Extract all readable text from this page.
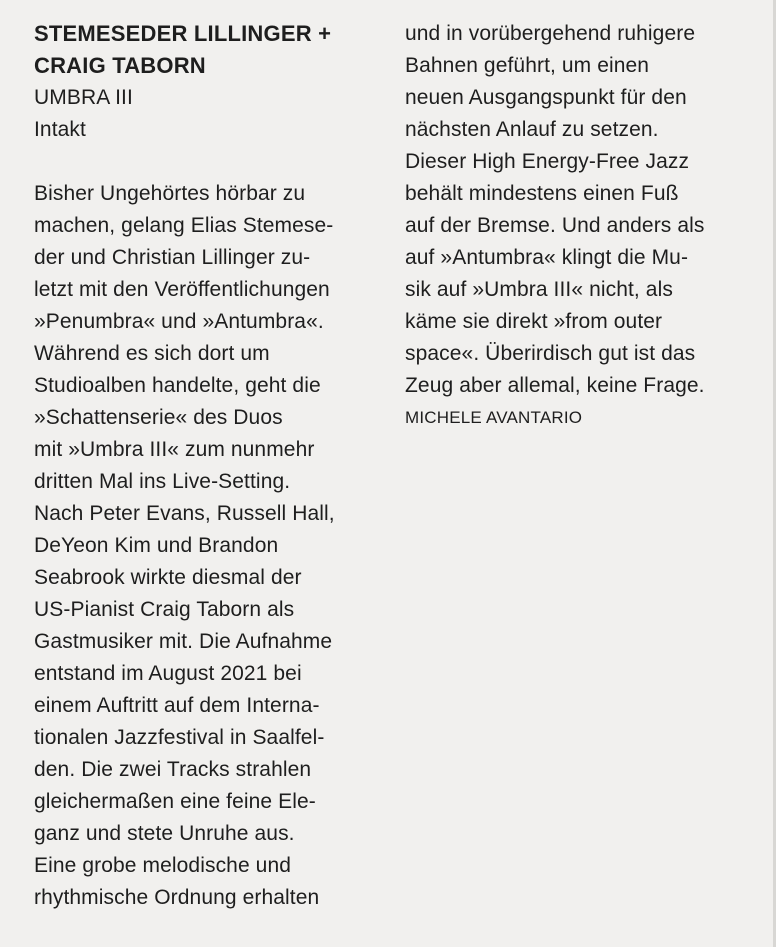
STEMESEDER LILLINGER +
CRAIG TABORN
UMBRA III
Intakt
Bisher Ungehörtes hörbar zu
machen, gelang Elias Stemese-
der und Christian Lillinger zu-
letzt mit den Veröffentlichungen
»Penumbra« und »Antumbra«.
Während es sich dort um
Studioalben handelte, geht die
»Schattenserie« des Duos
mit »Umbra III« zum nunmehr
dritten Mal ins Live-Setting.
Nach Peter Evans, Russell Hall,
DeYeon Kim und Brandon
Seabrook wirkte diesmal der
US-Pianist Craig Taborn als
Gastmusiker mit. Die Aufnahme
entstand im August 2021 bei
einem Auftritt auf dem Interna-
tionalen Jazzfestival in Saalfel-
den. Die zwei Tracks strahlen
gleichermaßen eine feine Ele-
ganz und stete Unruhe aus.
Eine grobe melodische und
rhythmische Ordnung erhalten
und in vorübergehend ruhigere
Bahnen geführt, um einen
neuen Ausgangspunkt für den
nächsten Anlauf zu setzen.
Dieser High Energy-Free Jazz
behält mindestens einen Fuß
auf der Bremse. Und anders als
auf »Antumbra« klingt die Mu-
sik auf »Umbra III« nicht, als
käme sie direkt »from outer
space«. Überirdisch gut ist das
Zeug aber allemal, keine Frage.
MICHELE AVANTARIO
